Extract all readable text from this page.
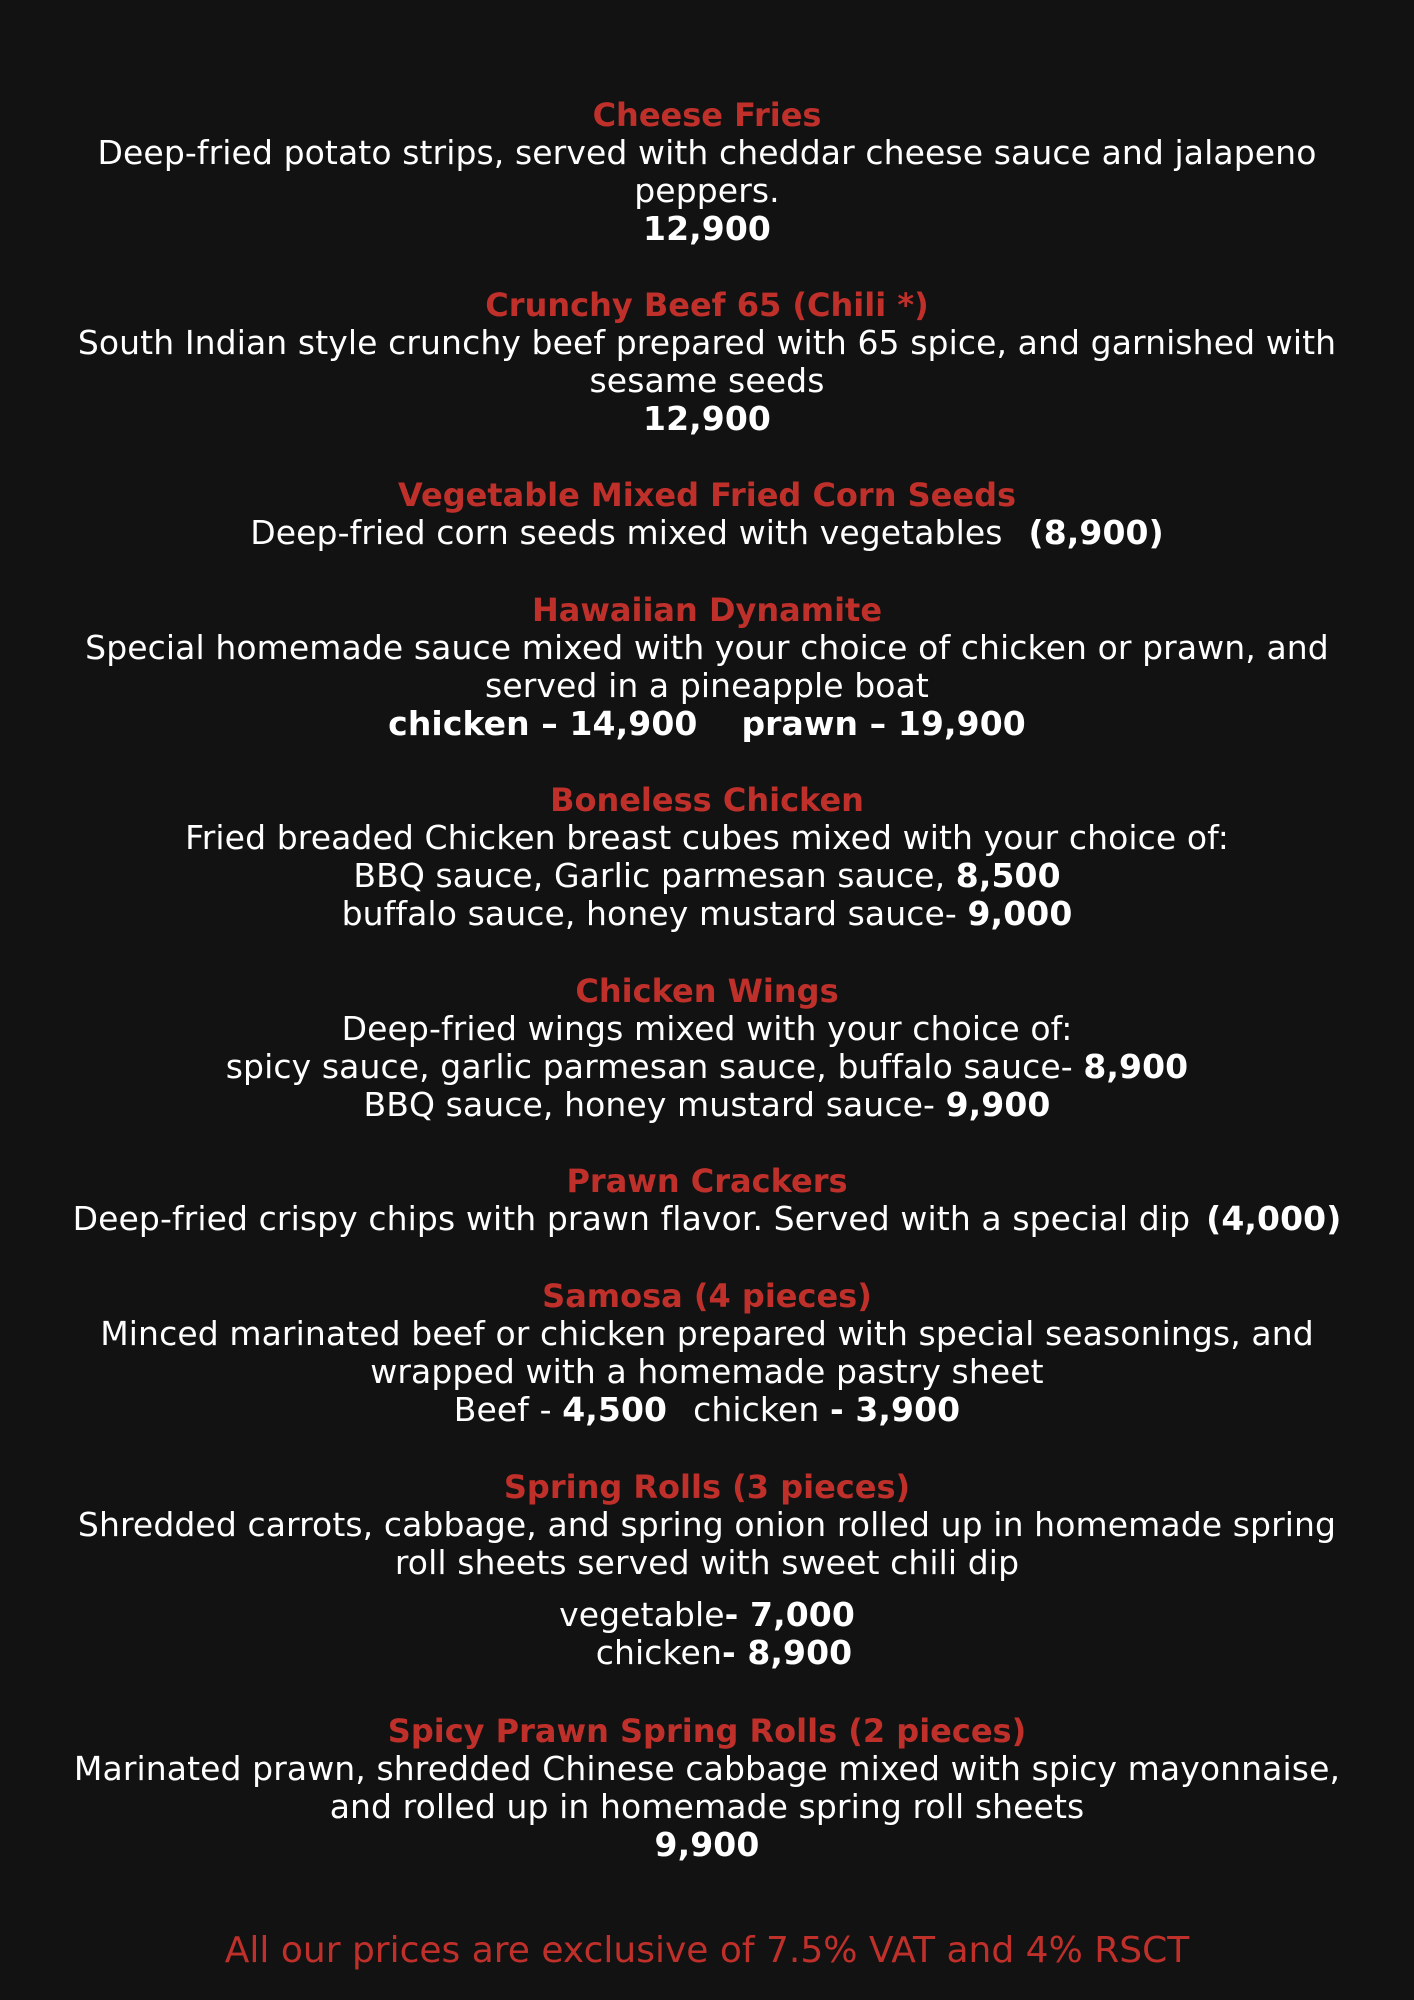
Cheese Fries
Deep-fried potato strips, served with cheddar cheese sauce and jalapeno
peppers.
12,900
Crunchy Beef 65 (Chili *)
South Indian style crunchy beef prepared with 65 spice, and garnished with
sesame seeds
12,900
Vegetable Mixed Fried Corn Seeds
Deep-fried corn seeds mixed with vegetables (8,900)
Hawaiian Dynamite
Special homemade sauce mixed with your choice of chicken or prawn, and
served in a pineapple boat
chicken – 14,900 prawn – 19,900
Boneless Chicken
Fried breaded Chicken breast cubes mixed with your choice of:
BBQ sauce, Garlic parmesan sauce, 8,500
buffalo sauce, honey mustard sauce- 9,000
Chicken Wings
Deep-fried wings mixed with your choice of:
spicy sauce, garlic parmesan sauce, buffalo sauce- 8,900
BBQ sauce, honey mustard sauce- 9,900
Prawn Crackers
Deep-fried crispy chips with prawn flavor. Served with a special dip (4,000)
Samosa (4 pieces)
Minced marinated beef or chicken prepared with special seasonings, and
wrapped with a homemade pastry sheet
Beef - 4,500 chicken - 3,900
Spring Rolls (3 pieces)
Shredded carrots, cabbage, and spring onion rolled up in homemade spring
roll sheets served with sweet chili dip
vegetable- 7,000
chicken- 8,900
Spicy Prawn Spring Rolls (2 pieces)
Marinated prawn, shredded Chinese cabbage mixed with spicy mayonnaise,
and rolled up in homemade spring roll sheets
9,900
All our prices are exclusive of 7.5% VAT and 4% RSCT
